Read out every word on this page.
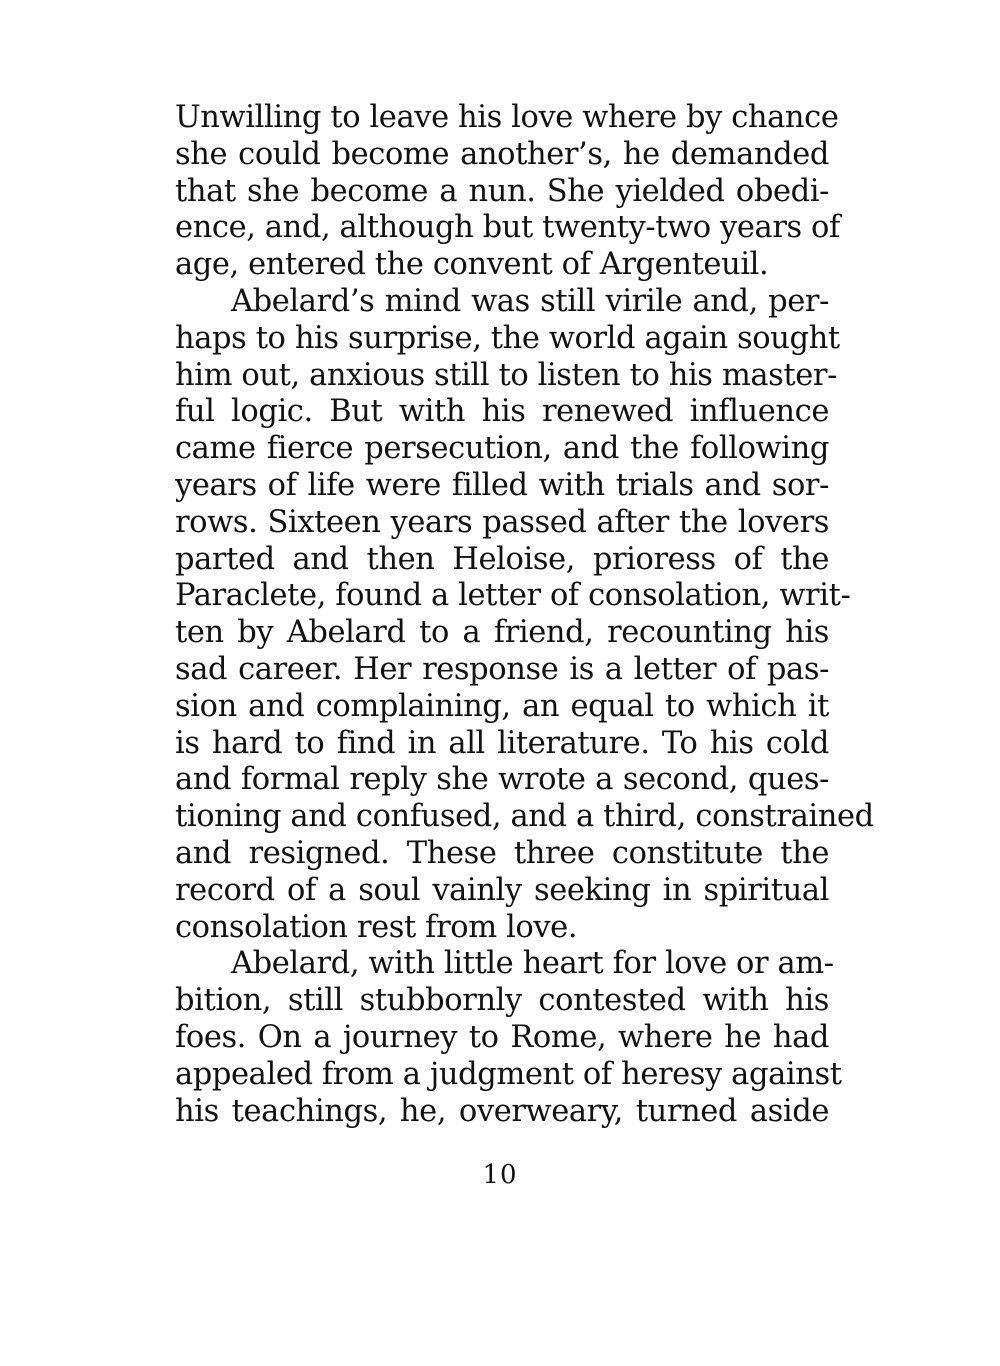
Unwilling to leave his love where by chance
she could become another’s, he demanded
that she become a nun. She yielded obedi-
ence, and, although but twenty-two years of
age, entered the convent of Argenteuil.
Abelard’s mind was still virile and, per-
haps to his surprise, the world again sought
him out, anxious still to listen to his master-
ful logic. But with his renewed influence
came fierce persecution, and the following
years of life were filled with trials and sor-
rows. Sixteen years passed after the lovers
parted and then Heloise, prioress of the
Paraclete, found a letter of consolation, writ-
ten by Abelard to a friend, recounting his
sad career. Her response is a letter of pas-
sion and complaining, an equal to which it
is hard to find in all literature. To his cold
and formal reply she wrote a second, ques-
tioning and confused, and a third, constrained
and resigned. These three constitute the
record of a soul vainly seeking in spiritual
consolation rest from love.
Abelard, with little heart for love or am-
bition, still stubbornly contested with his
foes. On a journey to Rome, where he had
appealed from a judgment of heresy against
his teachings, he, overweary, turned aside
10
